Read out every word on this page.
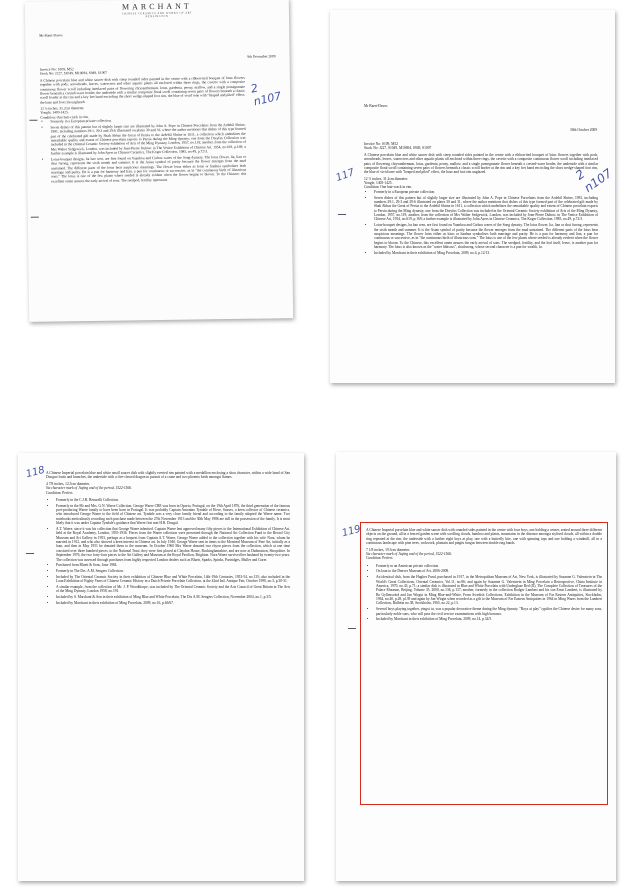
MARCHANT
CHINESE CERAMICS AND WORKS OF ART
KENSINGTON
Mr Baert-Davos
9th December 2009
2 n107

Invoice No: S109, M52

Stock No: J227, S1049, M10694, S949, S1007

A Chinese porcelain blue and white saucer dish with steep rounded sides painted in the centre with a ribbon-tied bouquet of lotus flowers together with pods, arrowheads, leaves, watercress and other aquatic plants all enclosed within three rings, the cavetto with a composite continuous flower scroll including interlaced pairs of flowering chrysanthemum, lotus, gardenia, peony, mallow, and a single pomegranate flower beneath a crested-wave border, the underside with a similar composite floral scroll containing seven pairs of flowers beneath a classic scroll border at the rim and a key fret band encircling the short wedge-shaped foot rim, the blue of vivid tone with "heaped and piled" effect, the base and foot rim unglazed.

12 ½ inches, 31.2cm diameter.
Yongle, 1403-1425.
Condition: One hair-crack in rim.
• Formerly in a European private collection.
• Seven dishes of this pattern but of slightly larger size are illustrated by John A. Pope in Chinese Porcelains from the Ardebil Shrine, 1981, including numbers 29:1, 29:3 and 29:6 illustrated on plates 30 and 31, where the author mentions that dishes of this type formed part of the celebrated gift made by Shah Abbas the Great of Persia to the Ardebil Shrine in 1611, a collection which underlines the remarkable quality and extent of Chinese porcelain exports to Persia during the Ming dynasty; one from the Dreyfus Collection was included in the Oriental Ceramic Society exhibition of Arts of the Ming Dynasty, London, 1957, no.119; another, from the collection of Mrs Walter Sedgewick, London, was included by Jean-Pierre Dubosc in The Venice Exhibition of Chinese Art, 1954, no.619, p.169; a further example is illustrated by John Ayers in Chinese Ceramics, The Koger Collection, 1985, no.49, p.72/3.
• Lotus-bouquet designs, ba bao wen, are first found on Yuanhou and Cizhou wares of the Song dynasty. The lotus flower, lia, lian or shui furong, represents the sixth month and summer. It is the Asian symbol of purity because the flower emerges from the mud unstained. The different parts of the lotus bear auspicious meanings. The flower lotus either as lotus or lianhua symbolises both marriage and purity. He is a pun for harmony and lian, a pun for continuous or successive, as in "the continuous birth of illustrious sons." The lotus is one of the few plants where seeded is already evident when the flower begins to bloom. To the Chinese, this excellent omen assures the early arrival of sons. The seedpod, fertility represents
Mr Baert-Davos
30th October 2009
117	2 n107

Invoice No: S109, M52

Stock No: J227, S1049, M10694, S949, S1007

A Chinese porcelain blue and white saucer dish with steep rounded sides painted in the centre with a ribbon-tied bouquet of lotus flowers together with pods, arrowheads, leaves, watercress and other aquatic plants all enclosed within three rings, the cavetto with a composite continuous flower scroll including interlaced pairs of flowering chrysanthemum, lotus, gardenia, peony, mallow, and a single pomegranate flower beneath a crested-wave border, the underside with a similar composite floral scroll containing seven pairs of flowers beneath a classic scroll border at the rim and a key fret band encircling the short wedge-shaped foot rim, the blue of vivid tone with "heaped and piled" effect, the base and foot rim unglazed.

12 ½ inches, 31.2cm diameter.
Yongle, 1403-1425.
Condition: One hair-crack in rim.
• Formerly in a European private collection.
• Seven dishes of this pattern but of slightly larger size are illustrated by John A. Pope in Chinese Porcelains from the Ardebil Shrine, 1981, including numbers 29:1, 29:3 and 29:6 illustrated on plates 30 and 31, where the author mentions that dishes of this type formed part of the celebrated gift made by Shah Abbas the Great of Persia to the Ardebil Shrine in 1611, a collection which underlines the remarkable quality and extent of Chinese porcelain exports to Persia during the Ming dynasty; one from the Dreyfus Collection was included in the Oriental Ceramic Society exhibition of Arts of the Ming Dynasty, London, 1957, no.119; another, from the collection of Mrs Walter Sedgewick, London, was included by Jean-Pierre Dubosc in The Venice Exhibition of Chinese Art, 1954, no.619, p.169; a further example is illustrated by John Ayers in Chinese Ceramics, The Koger Collection, 1985, no.49, p.72/3.
• Lotus-bouquet designs, ba bao wen, are first found on Yuanhou and Cizhou wares of the Song dynasty. The lotus flower, lia, lian or shui furong, represents the sixth month and summer. It is the Asian symbol of purity because the flower emerges from the mud unstained. The different parts of the lotus bear auspicious meanings. The flower lotus either as lotus or lianhua symbolises both marriage and purity. He is a pun for harmony and lian, a pun for continuous or successive, as in "the continuous birth of illustrious sons." The lotus is one of the few plants where seeded is already evident when the flower begins to bloom. To the Chinese, this excellent omen assures the early arrival of sons. The seedpod, fertility, and the leaf itself, leave, is another pun for harmony. The lotus is also known as the "water hibiscus", shuifurong, whose second character is a pun for wealth, fu.
• Included by Marchant in their exhibition of Ming Porcelain, 2009, no.4, p.12/13.
118 A Chinese Imperial porcelain blue and white small saucer dish with slightly everted rim painted with a medallion enclosing a shou character, within a wide band of San Duoguo fruits and branches, the underside with a five-clawed dragon in pursuit of a crane and two phoenix birds amongst flames.

4 7/8 inches, 12.5cm diameter.
Six character mark of Jiajing and of the period, 1522-1566.
Condition: Perfect.
• Formerly in the C.J.B. Beruzelli Collection.
• Formerly in the Mr and Mrs. G.N. Waere Collection. George Waere CBE was born in Oporto, Portugal, on the 19th April 1876, the third generation of the famous port-producing Waere family to have been born in Portugal. It was probably Captain Antonino Tyndale of Hove, Sussex, a keen collector of Chinese ceramics, who introduced George Waere to the field of Chinese art. Tyndale was a very close family friend and according to the family adopted the Waere name. Two notebooks meticulously recording each purchase made between the 27th November 1913 and the 30th May 1986 are still in the possession of the family. It is most likely that it was under Captain Tyndale's guidance that Waere first met H.R. Dougal.
• A.T. Waere, since it was his collection that George Waere inherited. Captain Waere lent approved many fifty pieces to the International Exhibition of Chinese Art, held at the Royal Academy, London, 1935-1936. Pieces from the Waere collection were presented through the National Art Collection Fund to the Bristol City Museum and Art Gallery in 1953, perhaps as a bequest from Captain A.T. Waere, George Waere added to the collection together with his wife Nora, whom he married in 1912, and who also showed a keen interest in Chinese art. In July 1940, George Waere sent in items to the Montreal Museum of Fine Art, initially as a loan, and then in May 1951 he donated them to the museum. In October 1960 Mrs Waere donated two rhyon pieces from the collection, which at one time consisted over three hundred pieces, to the National Trust; they were first placed at Claydon House, Buckinghamshire, and are now at Dudmaston, Shropshire. In September 1976, the two forty-four pieces to the Art Gallery and Museum at the Royal Pavilion, Brighton. Nora Waere survived her husband by twenty-two years. The collection was assessed through purchases from highly respected London dealers such as Bluett, Sparks, Spinks, Partridges, Muller and Gorer.
• Purchased from Bluett & Sons, June 1984.
• Formerly in The Drs. A.M. Sengers Collection.
• Included by The Oriental Ceramic Society in their exhibition of Chinese Blue and White Porcelain, 14th-19th Centuries, 1953-54, no.135; also included in the Loan Exhibition of Eighty Years of Chinese Ceramic History in a Dutch Private Porcelain Collection, at the 42nd Intl. Antique Fair, October 1990, no.3, p.30-31.
• A similar example, from the collection of Mr. J. P. Woodthorpe, was included by The Oriental Ceramic Society and the Arts Council of Great Britain in The Arts of the Ming Dynasty, London 1958, no.191.
• Included by S. Marchant & Son in their exhibition of Ming Blue and White Porcelain, The Drs A.M. Sengers Collection, November 2004, no.1, p.3/5.
• Included by Marchant in their exhibition of Ming Porcelain, 2009, no.16, p.66/67.
119 A Chinese Imperial porcelain blue and white saucer dish with rounded sides painted in the centre with four boys, one holding a censer, seated around three different objects on the ground, all in a fenced garden scene with scrolling clouds, bamboo and plants, mountains in the distance amongst stylised clouds, all within a double ring repeated at the rim, the underside with a further eight boys at play, one with a butterfly kite, one with spinning tops and one holding a windmill, all in a continuous landscape with pine trees, rockwork, plantain and pingfu fungus between double ring bands.

7 1/8 inches, 19.3cm diameter.
Six character mark of Jiajing and of the period, 1522-1566.
Condition: Perfect.
• Formerly in an American private collection.
• On loan to the Denver Museum of Art, 2006-2008.
• An identical dish, from the Hughes Fund, purchased in 1917, in the Metropolitan Museum of Art, New York, is illustrated by Suzanne G. Valenstein in The World's Great Collections, Oriental Ceramics, Vol.11, no.86; and again by Suzanne G. Valenstein in Ming Porcelain a Retrospective, China Institute in America, 1970, no.43, p.71; a similar dish is illustrated in Blue and White Porcelain with Underglaze Red (II), The Complete Collection of Treasures of the Palace Museum, Beijing, Volume 35, 2000, no.136, p.137; another, formerly in the collection Rodger Lambert and his son Ernst Lambert, is illustrated by Bo Gyllensvärd and Jan Wirgin in Ming Blue-and-White, From Swedish Collections, Exhibition in the Museum of Far Eastern Antiquities, Stockholm, 1964, no.40, p.28, pl.39 and again by Jan Wirgin when recorded as a gift to the Museum of Far Eastern Antiquities in 1964 in Ming Wares from the Lambert Collection, Bulletin no.38, Stockholm, 1965, no.22, p.13.
• Several boys playing together, yingxi tu, was a popular decorative theme during the Ming dynasty. "Boys at play" typifies the Chinese desire for many sons, particularly noble sons, who will pass the civil service examinations with high honours.
• Included by Marchant in their exhibition of Ming Porcelain, 2009, no.14, p.34/5.
